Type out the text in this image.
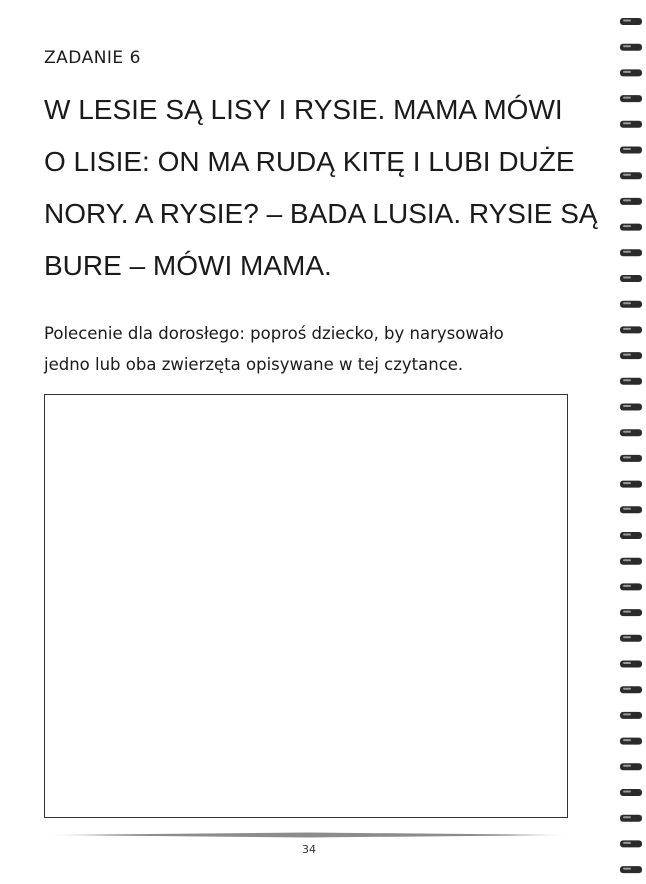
ZADANIE 6
W LESIE SĄ LISY I RYSIE. MAMA MÓWI
O LISIE: ON MA RUDĄ KITĘ I LUBI DUŻE
NORY. A RYSIE? – BADA LUSIA. RYSIE SĄ
BURE – MÓWI MAMA.
Polecenie dla dorosłego: poproś dziecko, by narysowało
jedno lub oba zwierzęta opisywane w tej czytance.
34
